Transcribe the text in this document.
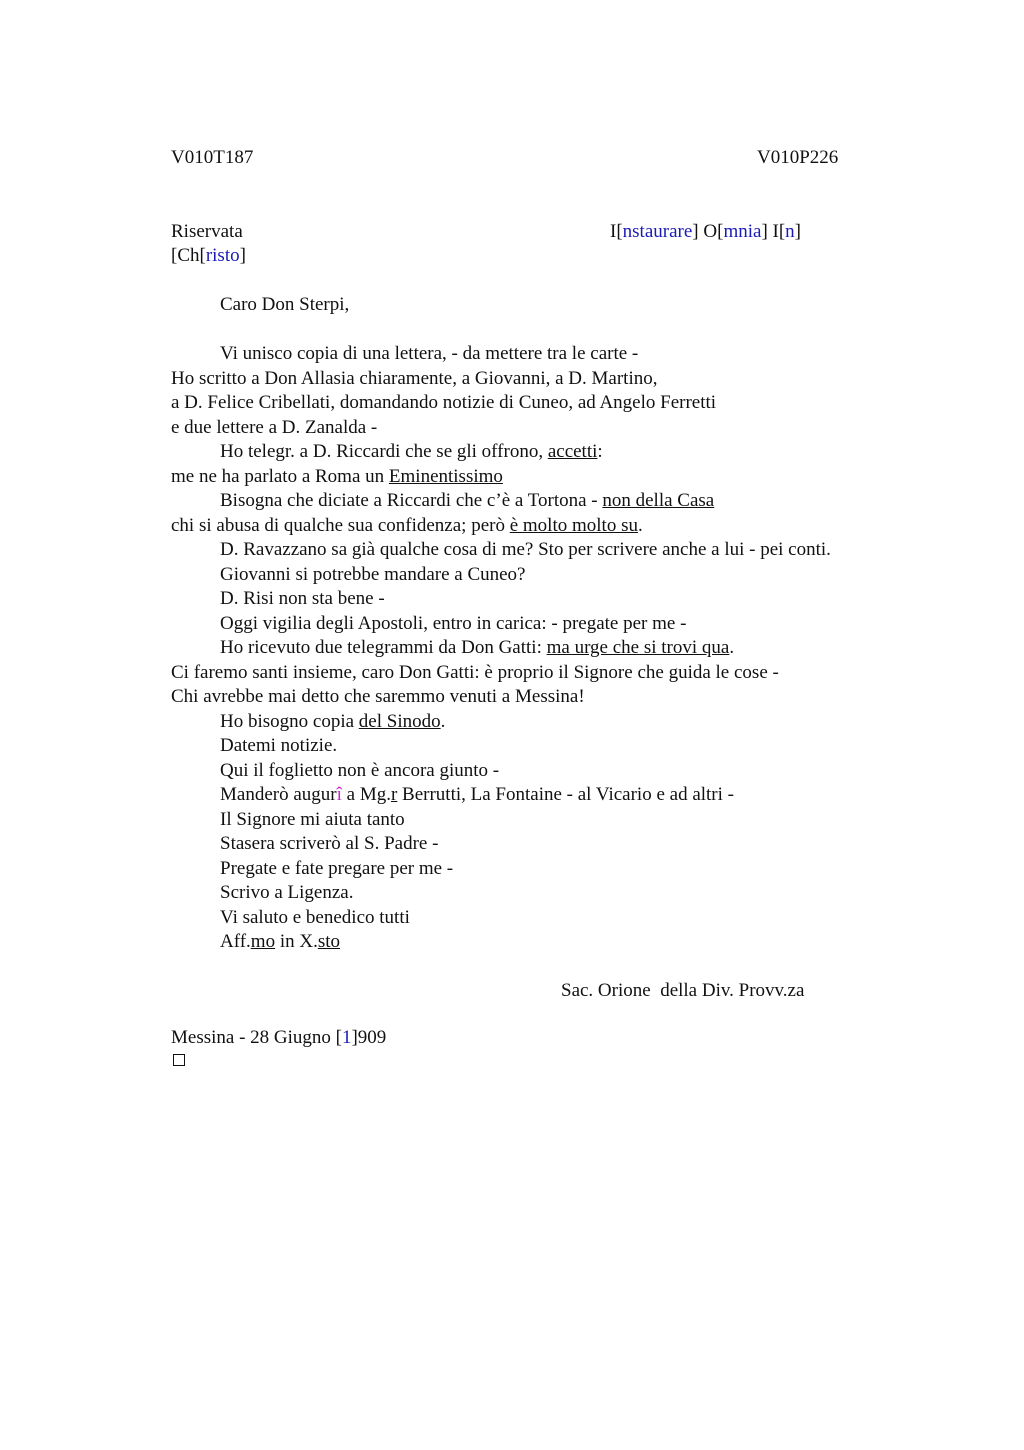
V010T187	V010P226
Riservata	I[nstaurare] O[mnia] I[n]
[Ch[risto]
Caro Don Sterpi,
Vi unisco copia di una lettera, - da mettere tra le carte -
Ho scritto a Don Allasia chiaramente, a Giovanni, a D. Martino,
a D. Felice Cribellati, domandando notizie di Cuneo, ad Angelo Ferretti
e due lettere a D. Zanalda -
Ho telegr. a D. Riccardi che se gli offrono, accetti:
me ne ha parlato a Roma un Eminentissimo
Bisogna che diciate a Riccardi che c’è a Tortona - non della Casa
chi si abusa di qualche sua confidenza; però è molto molto su.
D. Ravazzano sa già qualche cosa di me? Sto per scrivere anche a lui - pei conti.
Giovanni si potrebbe mandare a Cuneo?
D. Risi non sta bene -
Oggi vigilia degli Apostoli, entro in carica: - pregate per me -
Ho ricevuto due telegrammi da Don Gatti: ma urge che si trovi qua.
Ci faremo santi insieme, caro Don Gatti: è proprio il Signore che guida le cose -
Chi avrebbe mai detto che saremmo venuti a Messina!
Ho bisogno copia del Sinodo.
Datemi notizie.
Qui il foglietto non è ancora giunto -
Manderò augurî a Mg.r Berrutti, La Fontaine - al Vicario e ad altri -
Il Signore mi aiuta tanto
Stasera scriverò al S. Padre -
Pregate e fate pregare per me -
Scrivo a Ligenza.
Vi saluto e benedico tutti
Aff.mo in X.sto
Sac. Orione  della Div. Provv.za
Messina - 28 Giugno [1]909
